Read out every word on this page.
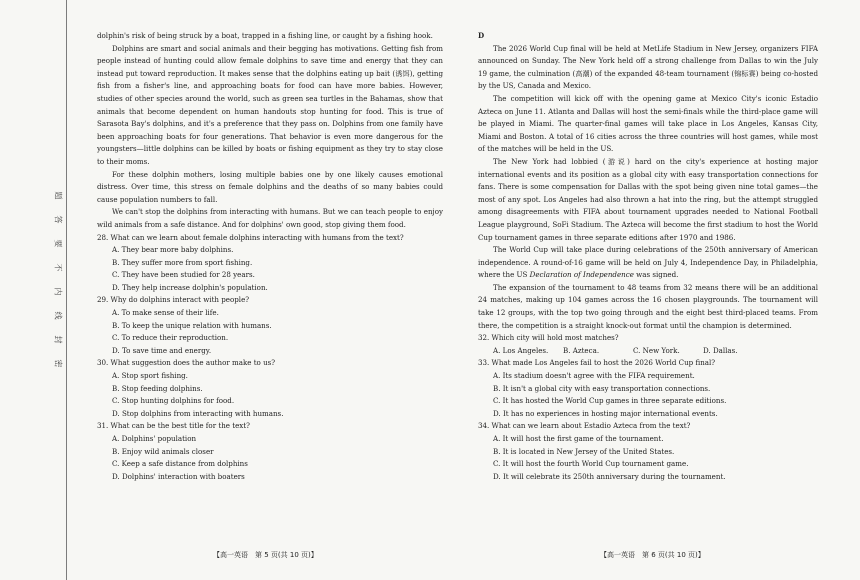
题
答
要
不
内
线
封
密

dolphin's risk of being struck by a boat, trapped in a fishing line, or caught by a fishing hook.

Dolphins are smart and social animals and their begging has motivations. Getting fish from people instead of hunting could allow female dolphins to save time and energy that they can instead put toward reproduction. It makes sense that the dolphins eating up bait (诱饵), getting fish from a fisher's line, and approaching boats for food can have more babies. However, studies of other species around the world, such as green sea turtles in the Bahamas, show that animals that become dependent on human handouts stop hunting for food. This is true of Sarasota Bay's dolphins, and it's a preference that they pass on. Dolphins from one family have been approaching boats for four generations. That behavior is even more dangerous for the youngsters—little dolphins can be killed by boats or fishing equipment as they try to stay close to their moms.

For these dolphin mothers, losing multiple babies one by one likely causes emotional distress. Over time, this stress on female dolphins and the deaths of so many babies could cause population numbers to fall.

We can't stop the dolphins from interacting with humans. But we can teach people to enjoy wild animals from a safe distance. And for dolphins' own good, stop giving them food.

28. What can we learn about female dolphins interacting with humans from the text?

A. They bear more baby dolphins.

B. They suffer more from sport fishing.

C. They have been studied for 28 years.

D. They help increase dolphin's population.

29. Why do dolphins interact with people?

A. To make sense of their life.

B. To keep the unique relation with humans.

C. To reduce their reproduction.

D. To save time and energy.

30. What suggestion does the author make to us?

A. Stop sport fishing.

B. Stop feeding dolphins.

C. Stop hunting dolphins for food.

D. Stop dolphins from interacting with humans.

31. What can be the best title for the text?

A. Dolphins' population

B. Enjoy wild animals closer

C. Keep a safe distance from dolphins

D. Dolphins' interaction with boaters

【高一英语　第 5 页(共 10 页)】

D

The 2026 World Cup final will be held at MetLife Stadium in New Jersey, organizers FIFA announced on Sunday. The New York held off a strong challenge from Dallas to win the July 19 game, the culmination (高潮) of the expanded 48-team tournament (锦标赛) being co-hosted by the US, Canada and Mexico.

The competition will kick off with the opening game at Mexico City's iconic Estadio Azteca on June 11. Atlanta and Dallas will host the semi-finals while the third-place game will be played in Miami. The quarter-final games will take place in Los Angeles, Kansas City, Miami and Boston. A total of 16 cities across the three countries will host games, while most of the matches will be held in the US.

The New York had lobbied (游说) hard on the city's experience at hosting major international events and its position as a global city with easy transportation connections for fans. There is some compensation for Dallas with the spot being given nine total games—the most of any spot. Los Angeles had also thrown a hat into the ring, but the attempt struggled among disagreements with FIFA about tournament upgrades needed to National Football League playground, SoFi Stadium. The Azteca will become the first stadium to host the World Cup tournament games in three separate editions after 1970 and 1986.

The World Cup will take place during celebrations of the 250th anniversary of American independence. A round-of-16 game will be held on July 4, Independence Day, in Philadelphia, where the US Declaration of Independence was signed.

The expansion of the tournament to 48 teams from 32 means there will be an additional 24 matches, making up 104 games across the 16 chosen playgrounds. The tournament will take 12 groups, with the top two going through and the eight best third-placed teams. From there, the competition is a straight knock-out format until the champion is determined.

32. Which city will hold most matches?

A. Los Angeles.	B. Azteca.	C. New York.	D. Dallas.

33. What made Los Angeles fail to host the 2026 World Cup final?

A. Its stadium doesn't agree with the FIFA requirement.

B. It isn't a global city with easy transportation connections.

C. It has hosted the World Cup games in three separate editions.

D. It has no experiences in hosting major international events.

34. What can we learn about Estadio Azteca from the text?

A. It will host the first game of the tournament.

B. It is located in New Jersey of the United States.

C. It will host the fourth World Cup tournament game.

D. It will celebrate its 250th anniversary during the tournament.

【高一英语　第 6 页(共 10 页)】
